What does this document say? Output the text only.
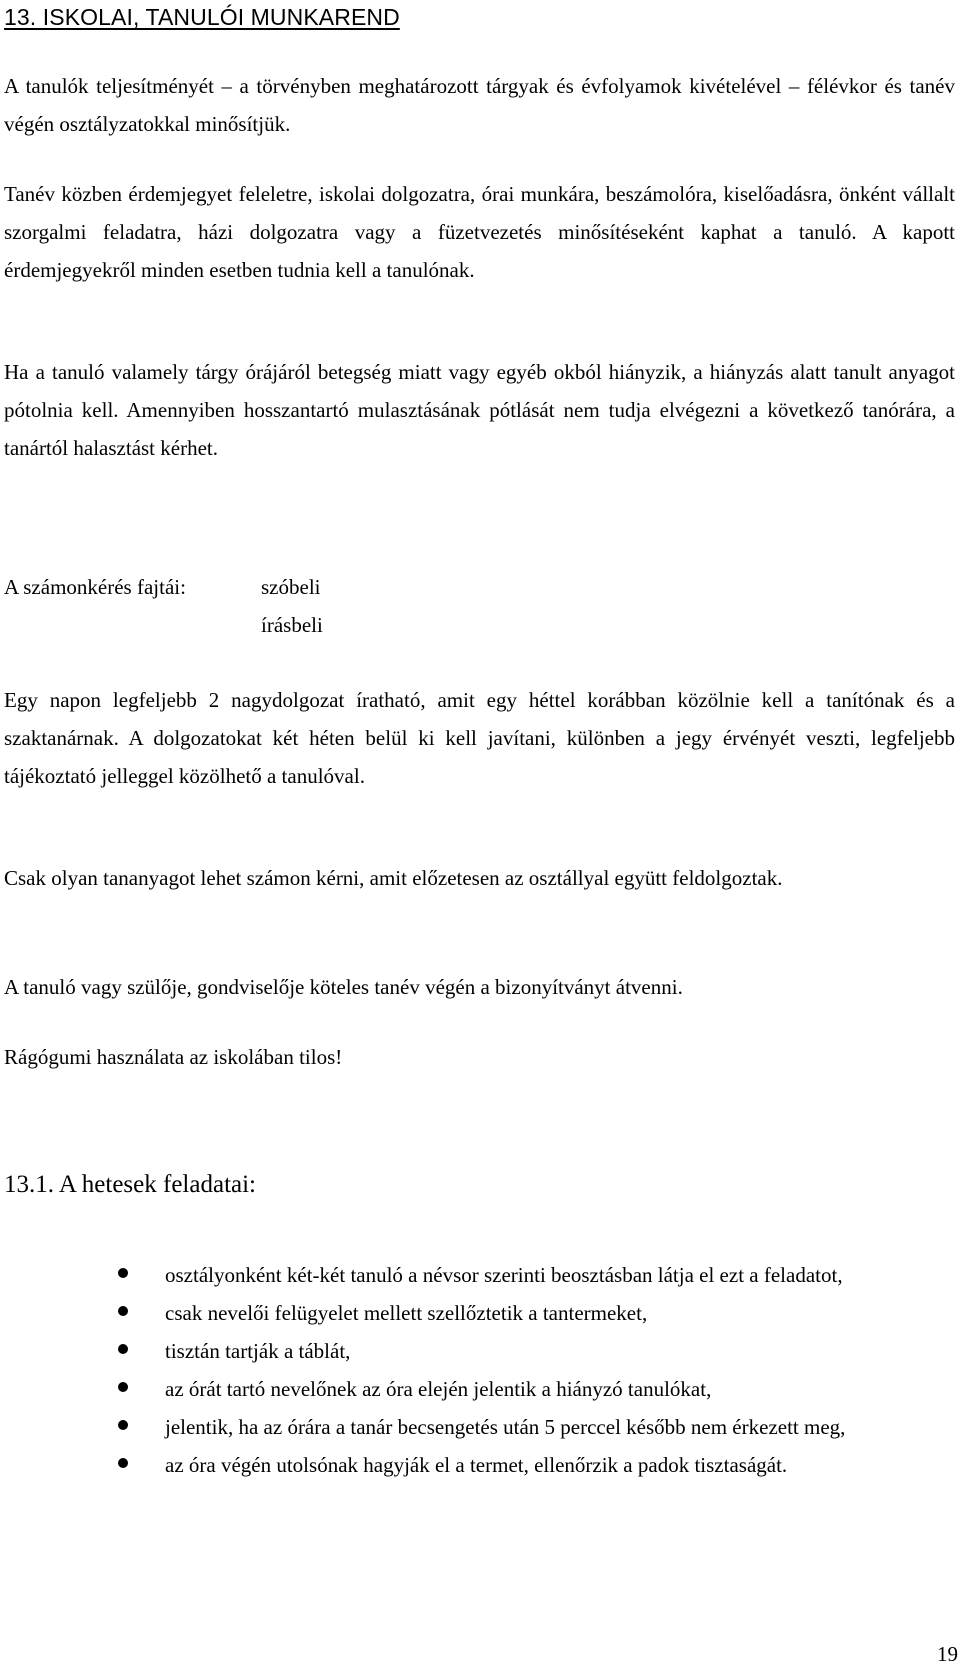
13. ISKOLAI, TANULÓI MUNKAREND

A tanulók teljesítményét – a törvényben meghatározott tárgyak és évfolyamok kivételével – félévkor és tanév végén osztályzatokkal minősítjük.

Tanév közben érdemjegyet feleletre, iskolai dolgozatra, órai munkára, beszámolóra, kiselőadásra, önként vállalt szorgalmi feladatra, házi dolgozatra vagy a füzetvezetés minősítéseként kaphat a tanuló. A kapott érdemjegyekről minden esetben tudnia kell a tanulónak.

Ha a tanuló valamely tárgy órájáról betegség miatt vagy egyéb okból hiányzik, a hiányzás alatt tanult anyagot pótolnia kell. Amennyiben hosszantartó mulasztásának pótlását nem tudja elvégezni a következő tanórára, a tanártól halasztást kérhet.

A számonkérés fajtái:	szóbeli

írásbeli

Egy napon legfeljebb 2 nagydolgozat íratható, amit egy héttel korábban közölnie kell a tanítónak és a szaktanárnak. A dolgozatokat két héten belül ki kell javítani, különben a jegy érvényét veszti, legfeljebb tájékoztató jelleggel közölhető a tanulóval.

Csak olyan tananyagot lehet számon kérni, amit előzetesen az osztállyal együtt feldolgoztak.

A tanuló vagy szülője, gondviselője köteles tanév végén a bizonyítványt átvenni.

Rágógumi használata az iskolában tilos!

13.1. A hetesek feladatai:
osztályonként két-két tanuló a névsor szerinti beosztásban látja el ezt a feladatot,
csak nevelői felügyelet mellett szellőztetik a tantermeket,
tisztán tartják a táblát,
az órát tartó nevelőnek az óra elején jelentik a hiányzó tanulókat,
jelentik, ha az órára a tanár becsengetés után 5 perccel később nem érkezett meg,
az óra végén utolsónak hagyják el a termet, ellenőrzik a padok tisztaságát.

19
